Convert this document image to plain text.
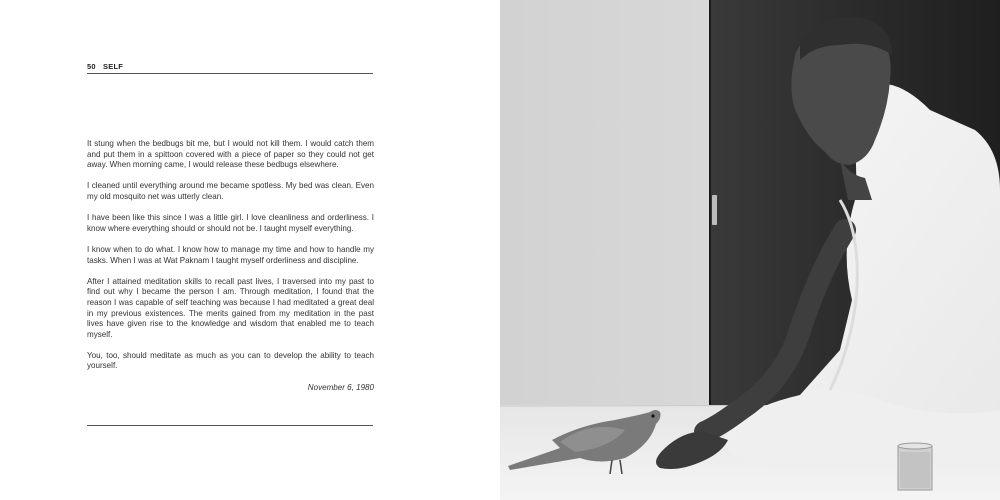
50 SELF

It stung when the bedbugs bit me, but I would not kill them. I would catch them and put them in a spittoon covered with a piece of paper so they could not get away. When morning came, I would release these bedbugs elsewhere.

I cleaned until everything around me became spotless. My bed was clean. Even my old mosquito net was utterly clean.

I have been like this since I was a little girl. I love cleanliness and orderliness. I know where everything should or should not be. I taught myself everything.

I know when to do what. I know how to manage my time and how to handle my tasks. When I was at Wat Paknam I taught myself orderliness and discipline.

After I attained meditation skills to recall past lives, I traversed into my past to find out why I became the person I am. Through meditation, I found that the reason I was capable of self teaching was because I had meditated a great deal in my previous existences. The merits gained from my meditation in the past lives have given rise to the knowledge and wisdom that enabled me to teach myself.

You, too, should meditate as much as you can to develop the ability to teach yourself.

November 6, 1980
